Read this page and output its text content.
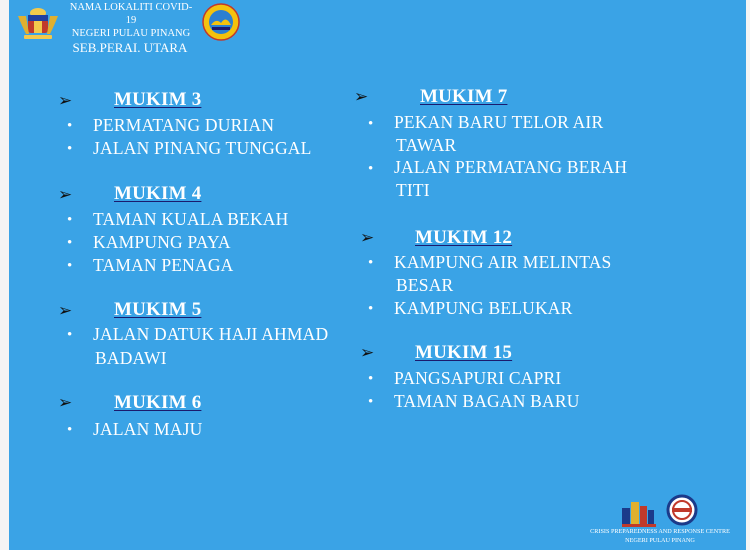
NAMA LOKALITI COVID-
19
NEGERI PULAU PINANG
SEB.PERAI. UTARA
➢ MUKIM 3
• PERMATANG DURIAN
• JALAN PINANG TUNGGAL
➢ MUKIM 4
• TAMAN KUALA BEKAH
• KAMPUNG PAYA
• TAMAN PENAGA
➢ MUKIM 5
• JALAN DATUK HAJI AHMAD
BADAWI
➢ MUKIM 6
• JALAN MAJU
➢	MUKIM 7
• PEKAN BARU TELOR AIR
TAWAR
• JALAN PERMATANG BERAH
TITI
➢ MUKIM 12
• KAMPUNG AIR MELINTAS
BESAR
• KAMPUNG BELUKAR
➢ MUKIM 15
• PANGSAPURI CAPRI
• TAMAN BAGAN BARU
CRISIS PREPAREDNESS AND RESPONSE CENTRE
NEGERI PULAU PINANG
